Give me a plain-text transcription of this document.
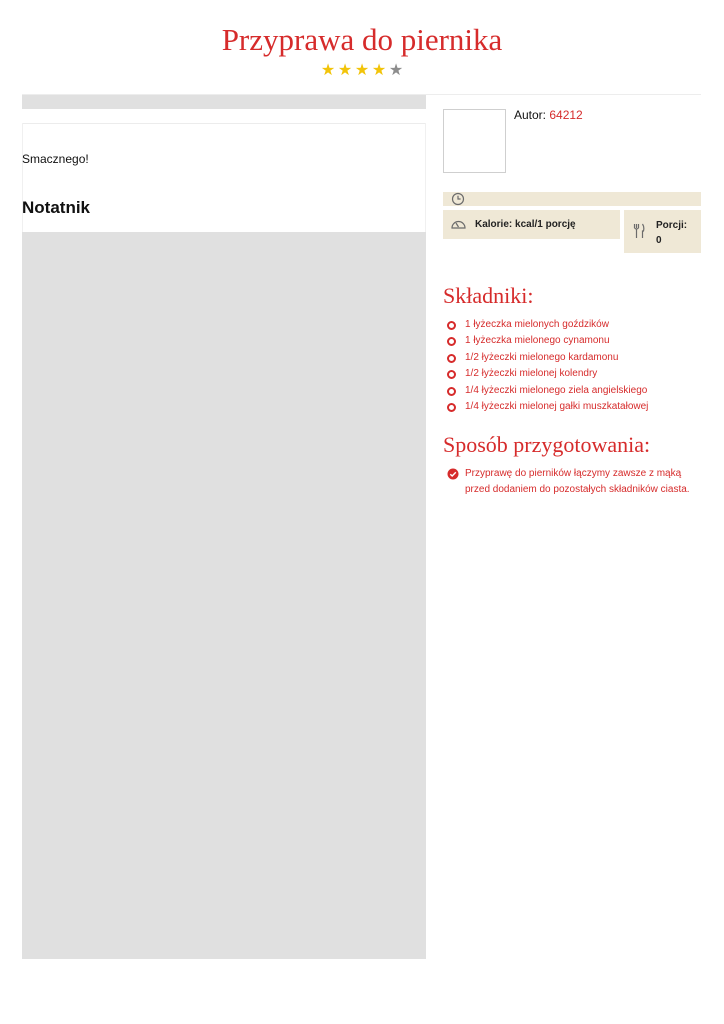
Przyprawa do piernika
★ ★ ★ ★ ★
Smacznego!
Notatnik
Autor: 64212
Kalorie: kcal/1 porcję	Porcji:
0
Składniki:
1 łyżeczka mielonych goździków
1 łyżeczka mielonego cynamonu
1/2 łyżeczki mielonego kardamonu
1/2 łyżeczki mielonej kolendry
1/4 łyżeczki mielonego ziela angielskiego
1/4 łyżeczki mielonej gałki muszkatałowej
Sposób przygotowania:
Przyprawę do pierników łączymy zawsze z mąką przed dodaniem do pozostałych składników ciasta.
